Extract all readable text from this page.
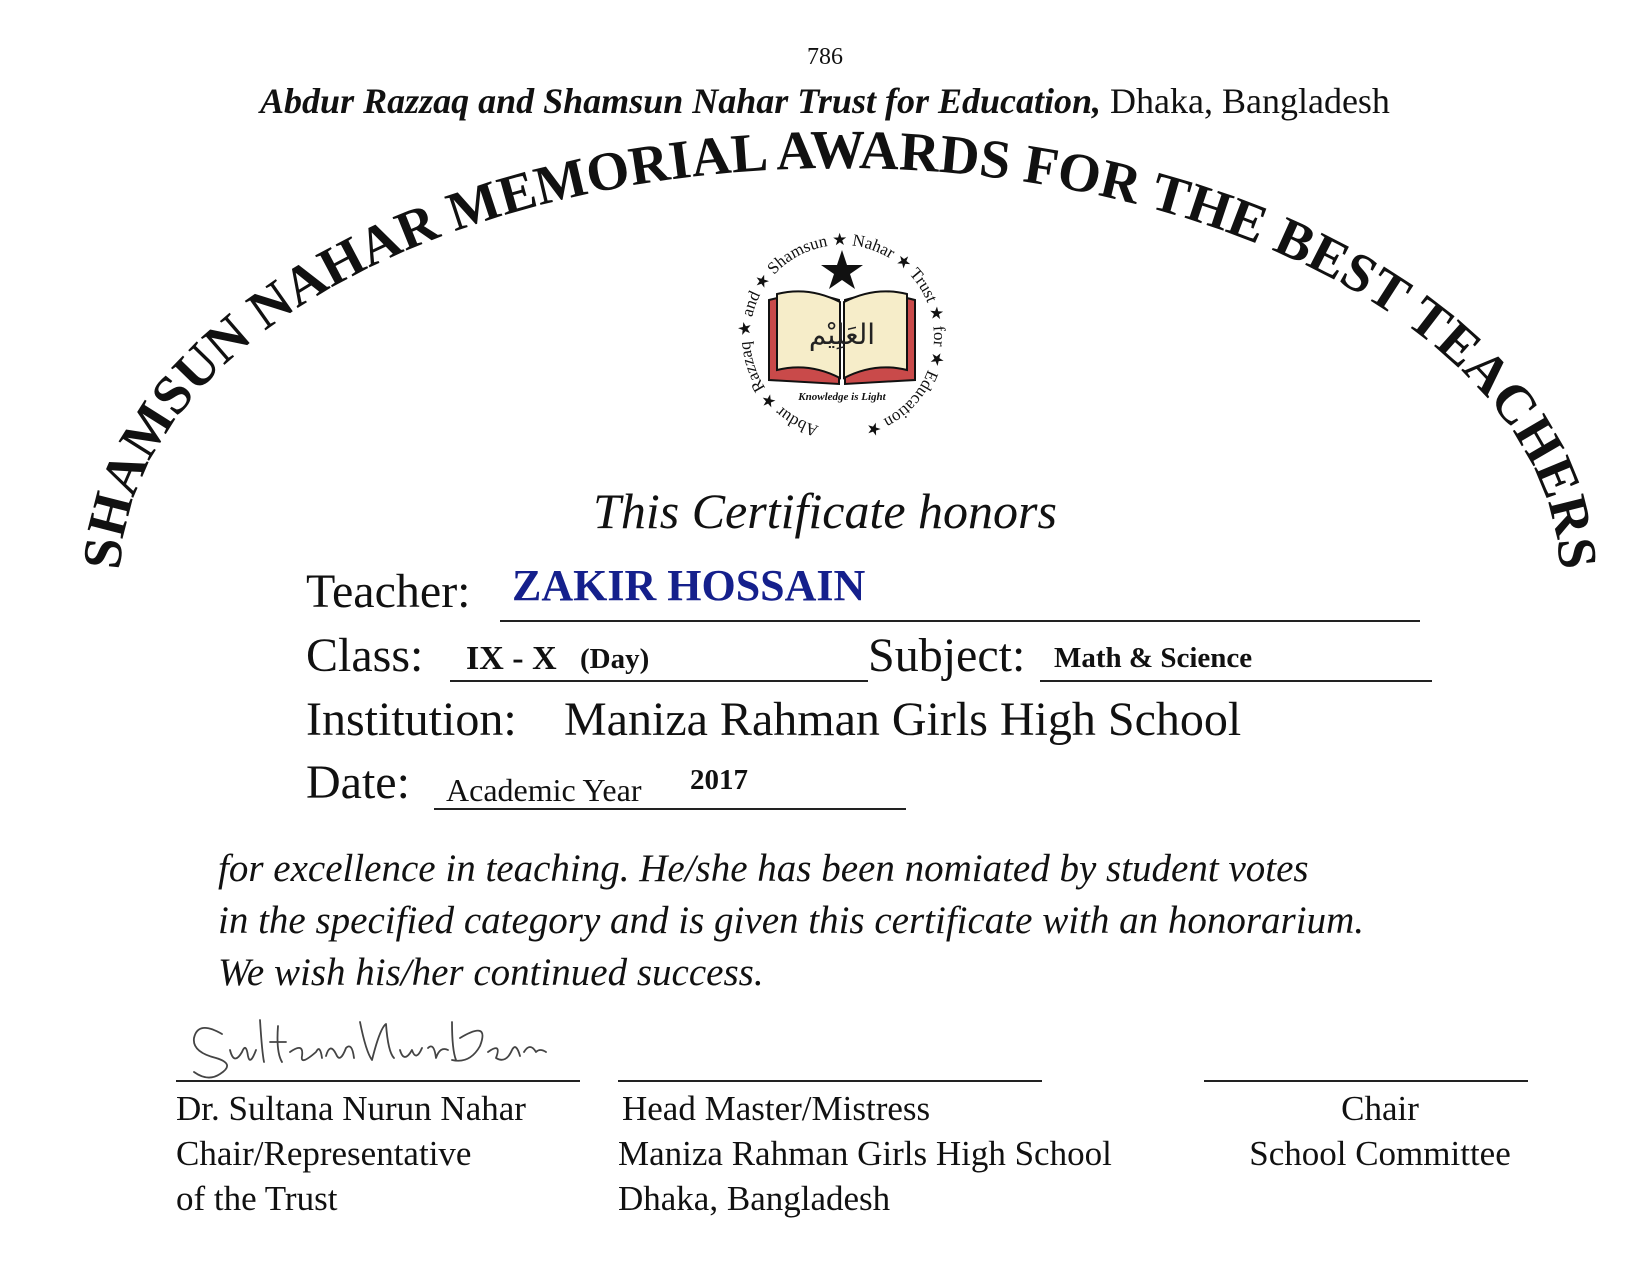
786
Abdur Razzaq and Shamsun Nahar Trust for Education, Dhaka, Bangladesh
SHAMSUN NAHAR MEMORIAL AWARDS FOR THE BEST TEACHERS
Abdur ★ Razzaq ★ and ★ Shamsun ★ Nahar ★ Trust ★ for ★ Education ★
العَلِيْم
Knowledge is Light
This Certificate honors
Teacher: ZAKIR HOSSAIN
Class: IX - X (Day)	Subject: Math & Science
Institution: Maniza Rahman Girls High School
Date: Academic Year 2017
for excellence in teaching. He/she has been nomiated by student votes
in the specified category and is given this certificate with an honorarium.
We wish his/her continued success.
Dr. Sultana Nurun Nahar
Chair/Representative
of the Trust
Head Master/Mistress
Maniza Rahman Girls High School
Dhaka, Bangladesh
Chair
School Committee
